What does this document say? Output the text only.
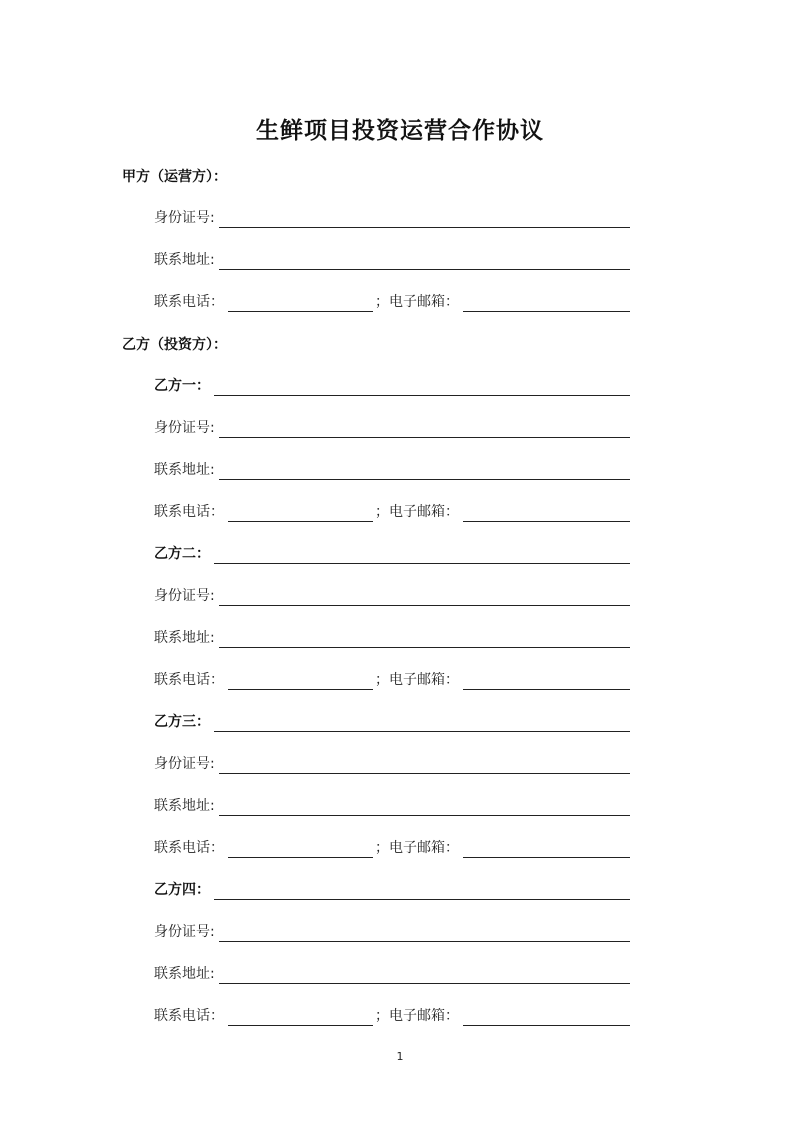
生鲜项目投资运营合作协议
甲方（运营方）：
身份证号:
联系地址:
联系电话：	；电子邮箱：
乙方（投资方）：
乙方一：
身份证号:
联系地址:
联系电话：	；电子邮箱：
乙方二：
身份证号:
联系地址:
联系电话：	；电子邮箱：
乙方三：
身份证号:
联系地址:
联系电话：	；电子邮箱：
乙方四：
身份证号:
联系地址:
联系电话：	；电子邮箱：
1
